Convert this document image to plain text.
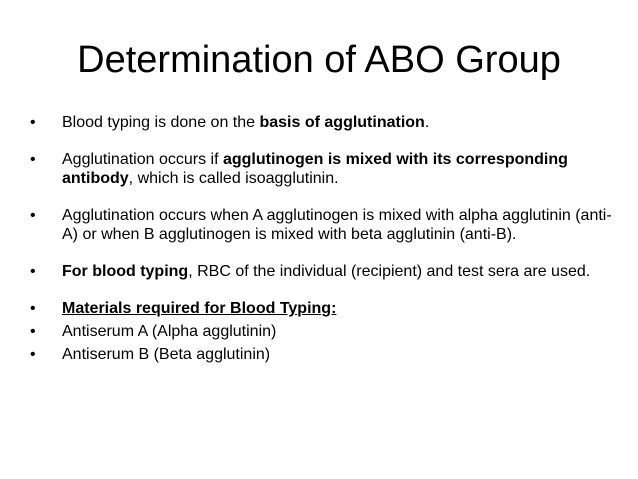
Determination of ABO Group
•	Blood typing is done on the basis of agglutination.
•	Agglutination occurs if agglutinogen is mixed with its corresponding antibody, which is called isoagglutinin.
•	Agglutination occurs when A agglutinogen is mixed with alpha agglutinin (anti-A) or when B agglutinogen is mixed with beta agglutinin (anti-B).
•	For blood typing, RBC of the individual (recipient) and test sera are used.
•	Materials required for Blood Typing:
•	Antiserum A (Alpha agglutinin)
•	Antiserum B (Beta agglutinin)
